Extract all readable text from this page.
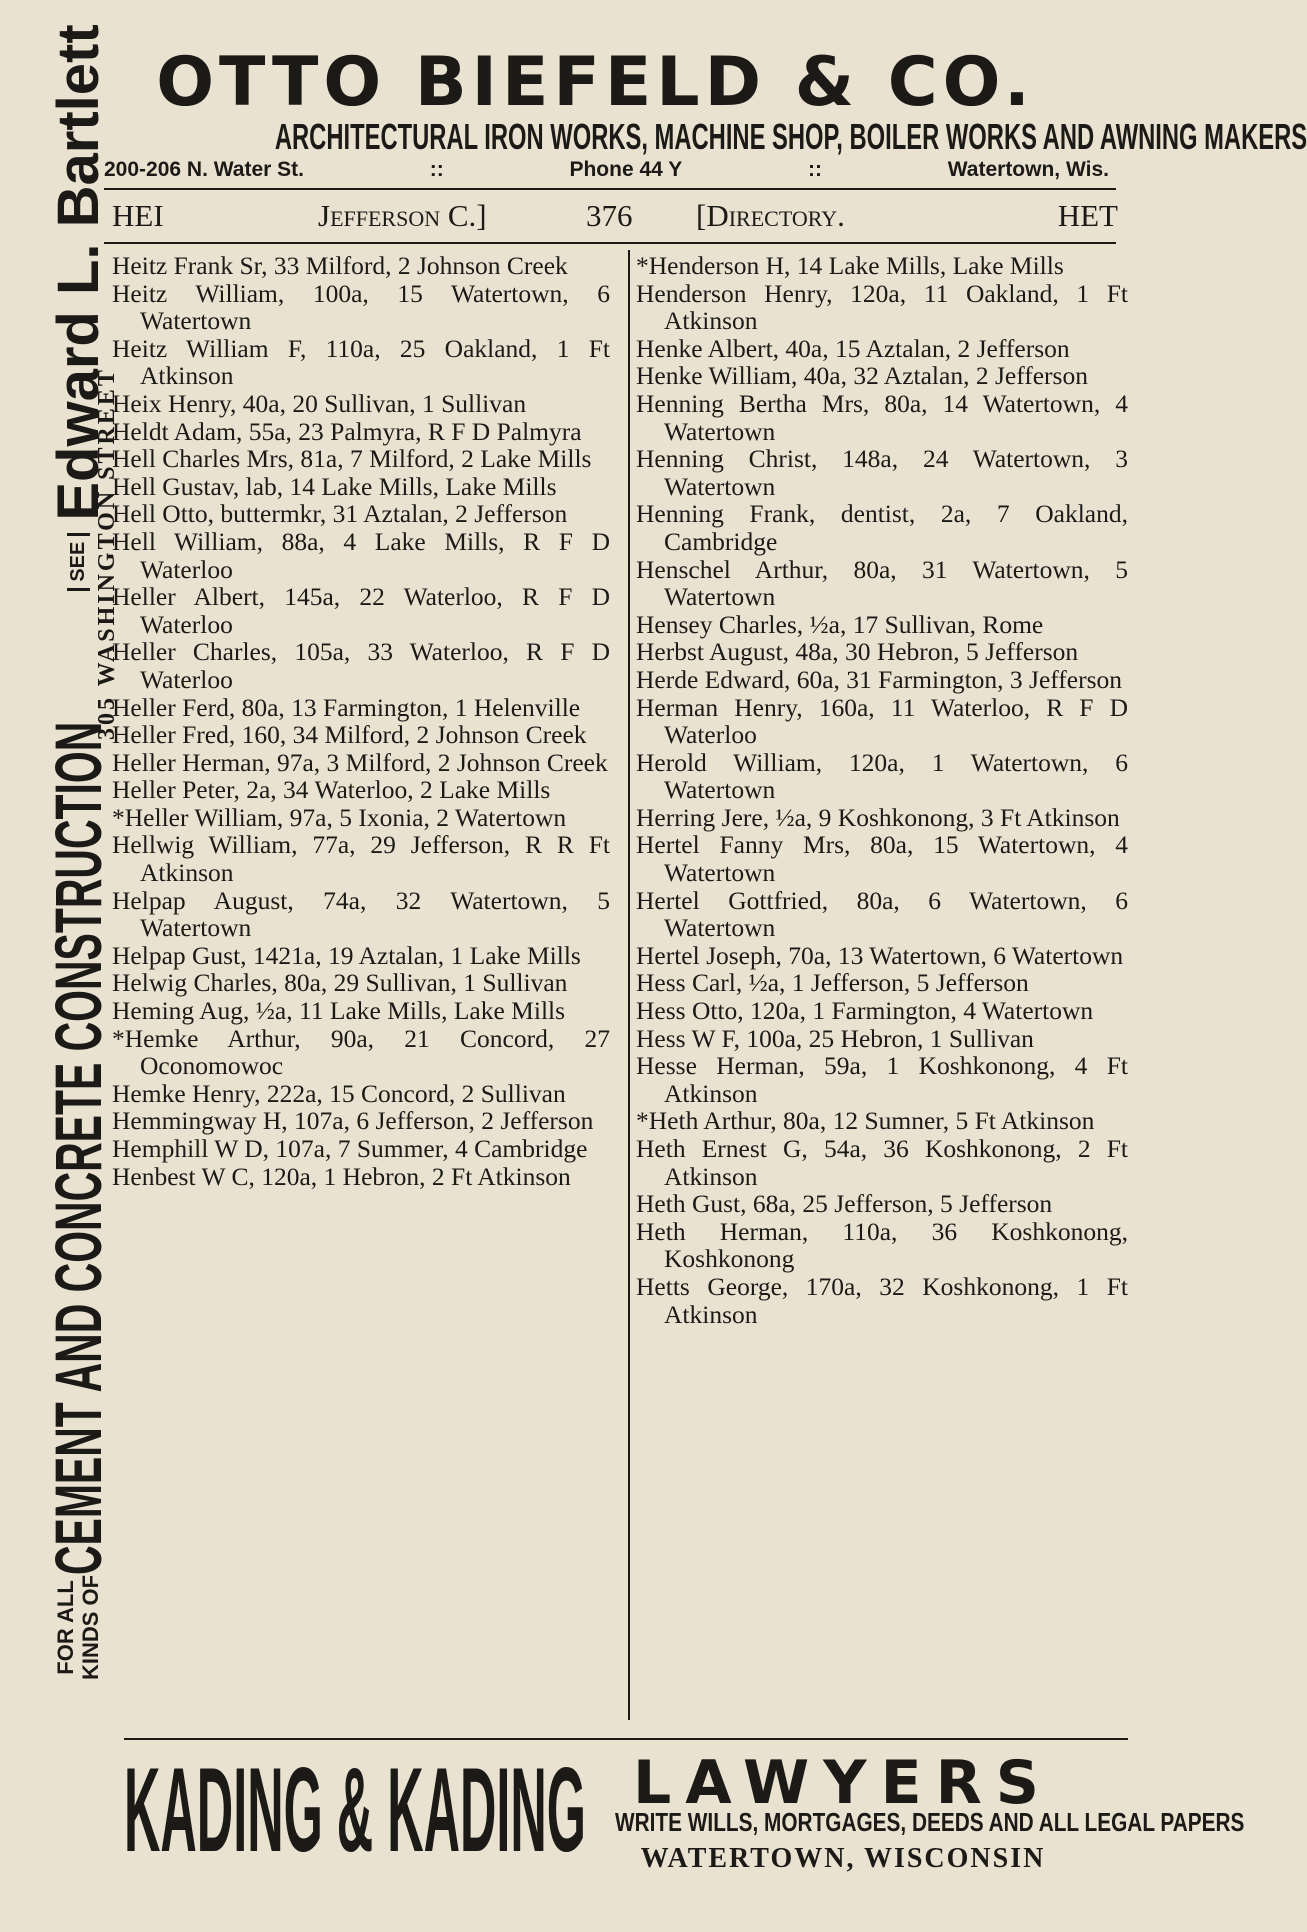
OTTO BIEFELD & CO.
ARCHITECTURAL IRON WORKS, MACHINE SHOP, BOILER WORKS AND AWNING MAKERS
200-206 N. Water St.	::	Phone 44 Y	::	Watertown, Wis.
HEI	Jefferson C.]	376 [Directory.	HET
FOR ALL
KINDS OF
CEMENT AND CONCRETE CONSTRUCTION
SEE
Edward L. Bartlett
305 WASHINGTON STREET
Heitz Frank Sr, 33 Milford, 2 Johnson Creek
Heitz William, 100a, 15 Watertown, 6 Watertown
Heitz William F, 110a, 25 Oakland, 1 Ft Atkinson
Heix Henry, 40a, 20 Sullivan, 1 Sullivan
Heldt Adam, 55a, 23 Palmyra, R F D Palmyra
Hell Charles Mrs, 81a, 7 Milford, 2 Lake Mills
Hell Gustav, lab, 14 Lake Mills, Lake Mills
Hell Otto, buttermkr, 31 Aztalan, 2 Jefferson
Hell William, 88a, 4 Lake Mills, R F D Waterloo
Heller Albert, 145a, 22 Waterloo, R F D Waterloo
Heller Charles, 105a, 33 Waterloo, R F D Waterloo
Heller Ferd, 80a, 13 Farmington, 1 Helenville
Heller Fred, 160, 34 Milford, 2 Johnson Creek
Heller Herman, 97a, 3 Milford, 2 Johnson Creek
Heller Peter, 2a, 34 Waterloo, 2 Lake Mills
*Heller William, 97a, 5 Ixonia, 2 Watertown
Hellwig William, 77a, 29 Jefferson, R R Ft Atkinson
Helpap August, 74a, 32 Watertown, 5 Watertown
Helpap Gust, 1421a, 19 Aztalan, 1 Lake Mills
Helwig Charles, 80a, 29 Sullivan, 1 Sullivan
Heming Aug, ½a, 11 Lake Mills, Lake Mills
*Hemke Arthur, 90a, 21 Concord, 27 Oconomowoc
Hemke Henry, 222a, 15 Concord, 2 Sullivan
Hemmingway H, 107a, 6 Jefferson, 2 Jefferson
Hemphill W D, 107a, 7 Summer, 4 Cambridge
Henbest W C, 120a, 1 Hebron, 2 Ft Atkinson
*Henderson H, 14 Lake Mills, Lake Mills
Henderson Henry, 120a, 11 Oakland, 1 Ft Atkinson
Henke Albert, 40a, 15 Aztalan, 2 Jefferson
Henke William, 40a, 32 Aztalan, 2 Jefferson
Henning Bertha Mrs, 80a, 14 Watertown, 4 Watertown
Henning Christ, 148a, 24 Watertown, 3 Watertown
Henning Frank, dentist, 2a, 7 Oakland, Cambridge
Henschel Arthur, 80a, 31 Watertown, 5 Watertown
Hensey Charles, ½a, 17 Sullivan, Rome
Herbst August, 48a, 30 Hebron, 5 Jefferson
Herde Edward, 60a, 31 Farmington, 3 Jefferson
Herman Henry, 160a, 11 Waterloo, R F D Waterloo
Herold William, 120a, 1 Watertown, 6 Watertown
Herring Jere, ½a, 9 Koshkonong, 3 Ft Atkinson
Hertel Fanny Mrs, 80a, 15 Watertown, 4 Watertown
Hertel Gottfried, 80a, 6 Watertown, 6 Watertown
Hertel Joseph, 70a, 13 Watertown, 6 Watertown
Hess Carl, ½a, 1 Jefferson, 5 Jefferson
Hess Otto, 120a, 1 Farmington, 4 Watertown
Hess W F, 100a, 25 Hebron, 1 Sullivan
Hesse Herman, 59a, 1 Koshkonong, 4 Ft Atkinson
*Heth Arthur, 80a, 12 Sumner, 5 Ft Atkinson
Heth Ernest G, 54a, 36 Koshkonong, 2 Ft Atkinson
Heth Gust, 68a, 25 Jefferson, 5 Jefferson
Heth Herman, 110a, 36 Koshkonong, Koshkonong
Hetts George, 170a, 32 Koshkonong, 1 Ft Atkinson
KADING & KADING LAWYERS
WRITE WILLS, MORTGAGES, DEEDS AND ALL LEGAL PAPERS
WATERTOWN, WISCONSIN
